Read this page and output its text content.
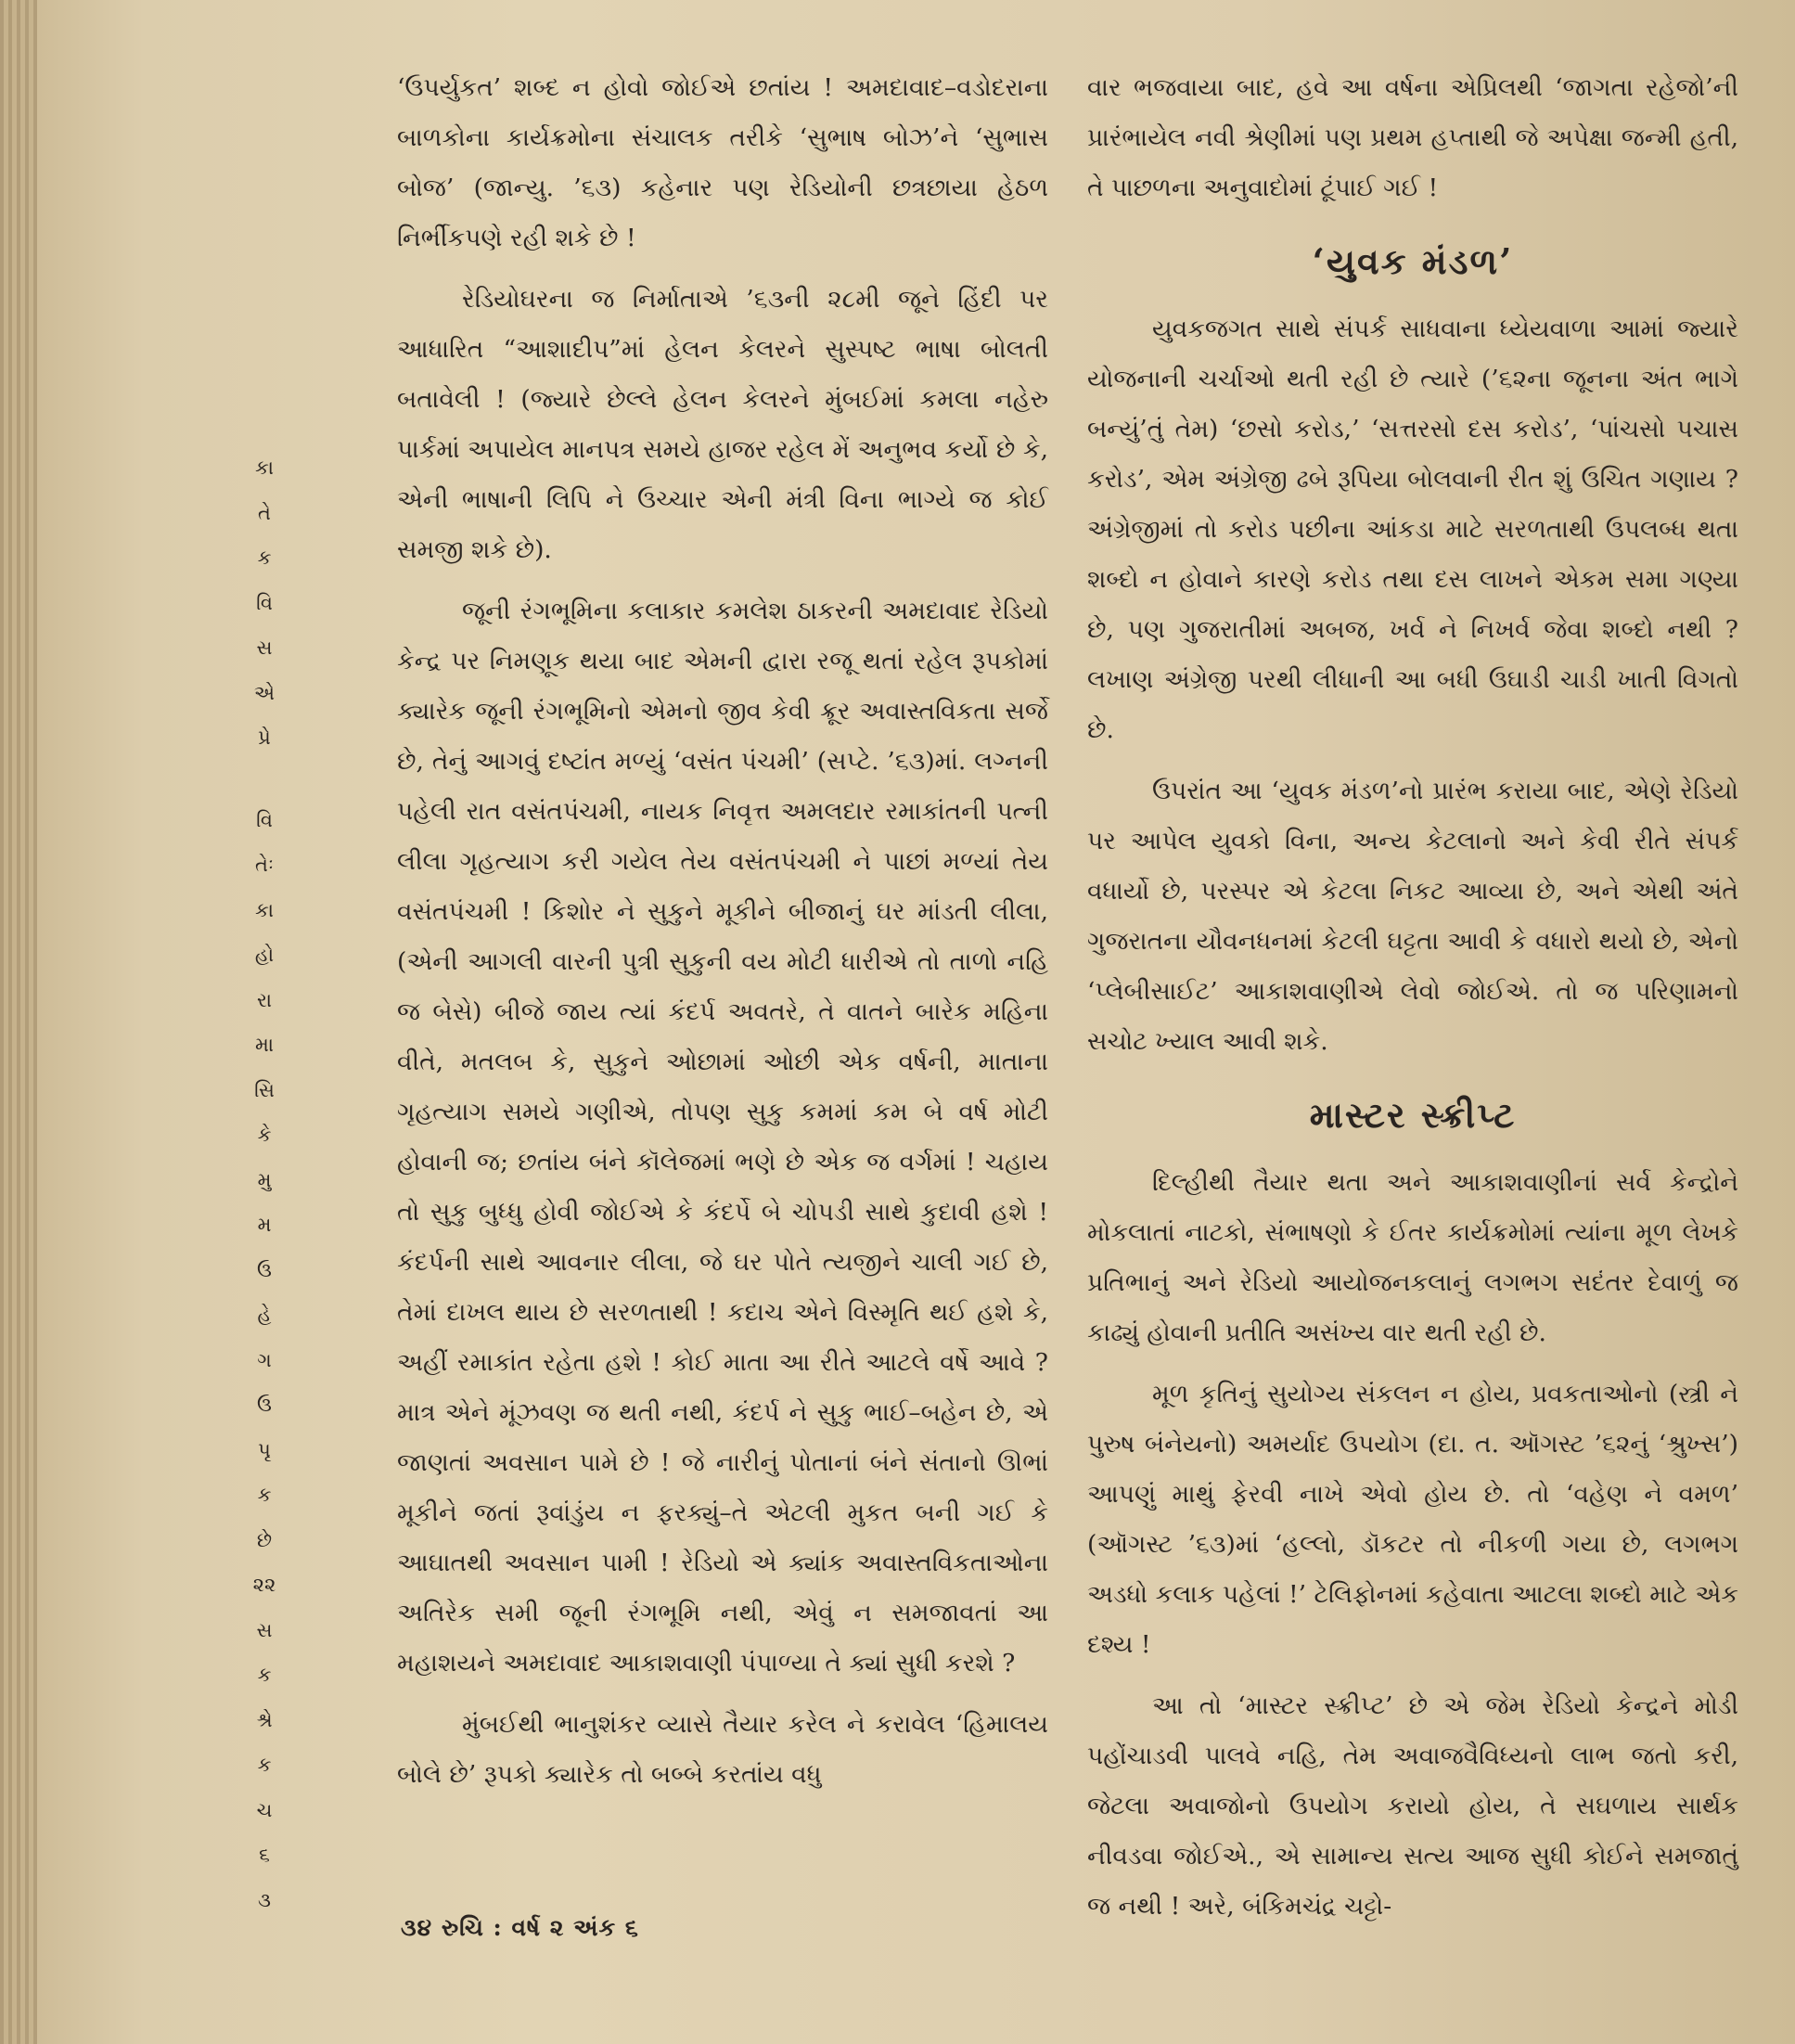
કા
તે
ક
વિ
સ
એ
પ્રે
વિ
તેઃ
કા
હો
રા
મા
સિ
કે
મુ
મ
ઉ
હે
ગ
ઉ
પૃ
ક
છે
૨૨
સ
ક
શ્રે
ક
ચ
૬
૩

‘ઉપર્યુકત’ શબ્દ ન હોવો જોઈએ છતાંય ! અમદાવાદ–વડોદરાના બાળકોના કાર્યક્રમોના સંચાલક તરીકે ‘સુભાષ બોઝ’ને ‘સુભાસ બોજ’ (જાન્યુ. ’૬૩) કહેનાર પણ રેડિયોની છત્રછાયા હેઠળ નિર્ભીકપણે રહી શકે છે !

રેડિયોઘરના જ નિર્માતાએ ’૬૩ની ૨૮મી જૂને હિંદી પર આધારિત “આશાદીપ”માં હેલન કેલરને સુસ્પષ્ટ ભાષા બોલતી બતાવેલી ! (જ્યારે છેલ્લે હેલન કેલરને મુંબઈમાં કમલા નહેરુ પાર્કમાં અપાયેલ માનપત્ર સમયે હાજર રહેલ મેં અનુભવ કર્યો છે કે, એની ભાષાની લિપિ ને ઉચ્ચાર એની મંત્રી વિના ભાગ્યે જ કોઈ સમજી શકે છે).

જૂની રંગભૂમિના કલાકાર કમલેશ ઠાકરની અમદાવાદ રેડિયો કેન્દ્ર પર નિમણૂક થયા બાદ એમની દ્વારા રજૂ થતાં રહેલ રૂપકોમાં ક્યારેક જૂની રંગભૂમિનો એમનો જીવ કેવી ક્રૂર અવાસ્તવિકતા સર્જે છે, તેનું આગવું દષ્ટાંત મળ્યું ‘વસંત પંચમી’ (સપ્ટે. ’૬૩)માં. લગ્નની પહેલી રાત વસંતપંચમી, નાયક નિવૃત્ત અમલદાર રમાકાંતની પત્ની લીલા ગૃહત્યાગ કરી ગયેલ તેય વસંતપંચમી ને પાછાં મળ્યાં તેય વસંતપંચમી ! કિશોર ને સુકુને મૂકીને બીજાનું ઘર માંડતી લીલા, (એની આગલી વારની પુત્રી સુકુની વય મોટી ધારીએ તો તાળો નહિ જ બેસે) બીજે જાય ત્યાં કંદર્પ અવતરે, તે વાતને બારેક મહિના વીતે, મતલબ કે, સુકુને ઓછામાં ઓછી એક વર્ષની, માતાના ગૃહત્યાગ સમયે ગણીએ, તોપણ સુકુ કમમાં કમ બે વર્ષ મોટી હોવાની જ; છતાંય બંને કૉલેજમાં ભણે છે એક જ વર્ગમાં ! ચહાય તો સુકુ બુધ્ધુ હોવી જોઈએ કે કંદર્પે બે ચોપડી સાથે કુદાવી હશે ! કંદર્પની સાથે આવનાર લીલા, જે ઘર પોતે ત્યજીને ચાલી ગઈ છે, તેમાં દાખલ થાય છે સરળતાથી ! કદાચ એને વિસ્મૃતિ થઈ હશે કે, અહીં રમાકાંત રહેતા હશે ! કોઈ માતા આ રીતે આટલે વર્ષે આવે ? માત્ર એને મૂંઝવણ જ થતી નથી, કંદર્પ ને સુકુ ભાઈ–બહેન છે, એ જાણતાં અવસાન પામે છે ! જે નારીનું પોતાનાં બંને સંતાનો ઊભાં મૂકીને જતાં રૂવાંડુંય ન ફરક્યું–તે એટલી મુકત બની ગઈ કે આઘાતથી અવસાન પામી ! રેડિયો એ ક્યાંક અવાસ્તવિકતાઓના અતિરેક સમી જૂની રંગભૂમિ નથી, એવું ન સમજાવતાં આ મહાશયને અમદાવાદ આકાશવાણી પંપાળ્યા તે ક્યાં સુધી કરશે ?

મુંબઈથી ભાનુશંકર વ્યાસે તૈયાર કરેલ ને કરાવેલ ‘હિમાલય બોલે છે’ રૂપકો ક્યારેક તો બબ્બે કરતાંય વધુ

વાર ભજવાયા બાદ, હવે આ વર્ષના એપ્રિલથી ‘જાગતા રહેજો’ની પ્રારંભાયેલ નવી શ્રેણીમાં પણ પ્રથમ હપ્તાથી જે અપેક્ષા જન્મી હતી, તે પાછળના અનુવાદોમાં ટૂંપાઈ ગઈ !

‘યુવક મંડળ’

યુવકજગત સાથે સંપર્ક સાધવાના ધ્યેયવાળા આમાં જ્યારે યોજનાની ચર્ચાઓ થતી રહી છે ત્યારે (’૬૨ના જૂનના અંત ભાગે બન્યું’તું તેમ) ‘છસો કરોડ,’ ‘સત્તરસો દસ કરોડ’, ‘પાંચસો પચાસ કરોડ’, એમ અંગ્રેજી ઢબે રૂપિયા બોલવાની રીત શું ઉચિત ગણાય ? અંગ્રેજીમાં તો કરોડ પછીના આંકડા માટે સરળતાથી ઉપલબ્ધ થતા શબ્દો ન હોવાને કારણે કરોડ તથા દસ લાખને એકમ સમા ગણ્યા છે, પણ ગુજરાતીમાં અબજ, ખર્વ ને નિખર્વ જેવા શબ્દો નથી ? લખાણ અંગ્રેજી પરથી લીધાની આ બધી ઉઘાડી ચાડી ખાતી વિગતો છે.

ઉપરાંત આ ‘યુવક મંડળ’નો પ્રારંભ કરાયા બાદ, એણે રેડિયો પર આપેલ યુવકો વિના, અન્ય કેટલાનો અને કેવી રીતે સંપર્ક વધાર્યો છે, પરસ્પર એ કેટલા નિકટ આવ્યા છે, અને એથી અંતે ગુજરાતના યૌવનધનમાં કેટલી ઘટ્ટતા આવી કે વધારો થયો છે, એનો ‘પ્લેબીસાઈટ’ આકાશવાણીએ લેવો જોઈએ. તો જ પરિણામનો સચોટ ખ્યાલ આવી શકે.

માસ્ટર સ્ક્રીપ્ટ

દિલ્હીથી તૈયાર થતા અને આકાશવાણીનાં સર્વ કેન્દ્રોને મોકલાતાં નાટકો, સંભાષણો કે ઈતર કાર્યક્રમોમાં ત્યાંના મૂળ લેખકે પ્રતિભાનું અને રેડિયો આયોજનકલાનું લગભગ સદંતર દેવાળું જ કાઢ્યું હોવાની પ્રતીતિ અસંખ્ય વાર થતી રહી છે.

મૂળ કૃતિનું સુયોગ્ય સંકલન ન હોય, પ્રવકતાઓનો (સ્ત્રી ને પુરુષ બંનેયનો) અમર્યાદ ઉપયોગ (દા. ત. ઑગસ્ટ ’૬૨નું ‘શ્રુખ્સ’) આપણું માથું ફેરવી નાખે એવો હોય છે. તો ‘વહેણ ને વમળ’ (ઑગસ્ટ ’૬૩)માં ‘હલ્લો, ડૉકટર તો નીકળી ગયા છે, લગભગ અડધો કલાક પહેલાં !’ ટેલિફોનમાં કહેવાતા આટલા શબ્દો માટે એક દશ્ય !

આ તો ‘માસ્ટર સ્ક્રીપ્ટ’ છે એ જેમ રેડિયો કેન્દ્રને મોડી પહોંચાડવી પાલવે નહિ, તેમ અવાજવૈવિધ્યનો લાભ જતો કરી, જેટલા અવાજોનો ઉપયોગ કરાયો હોય, તે સઘળાય સાર્થક નીવડવા જોઈએ., એ સામાન્ય સત્ય આજ સુધી કોઈને સમજાતું જ નથી ! અરે, બંકિમચંદ્ર ચટ્ટો-

૩૪ રુચિ : વર્ષ ૨ અંક ૬
